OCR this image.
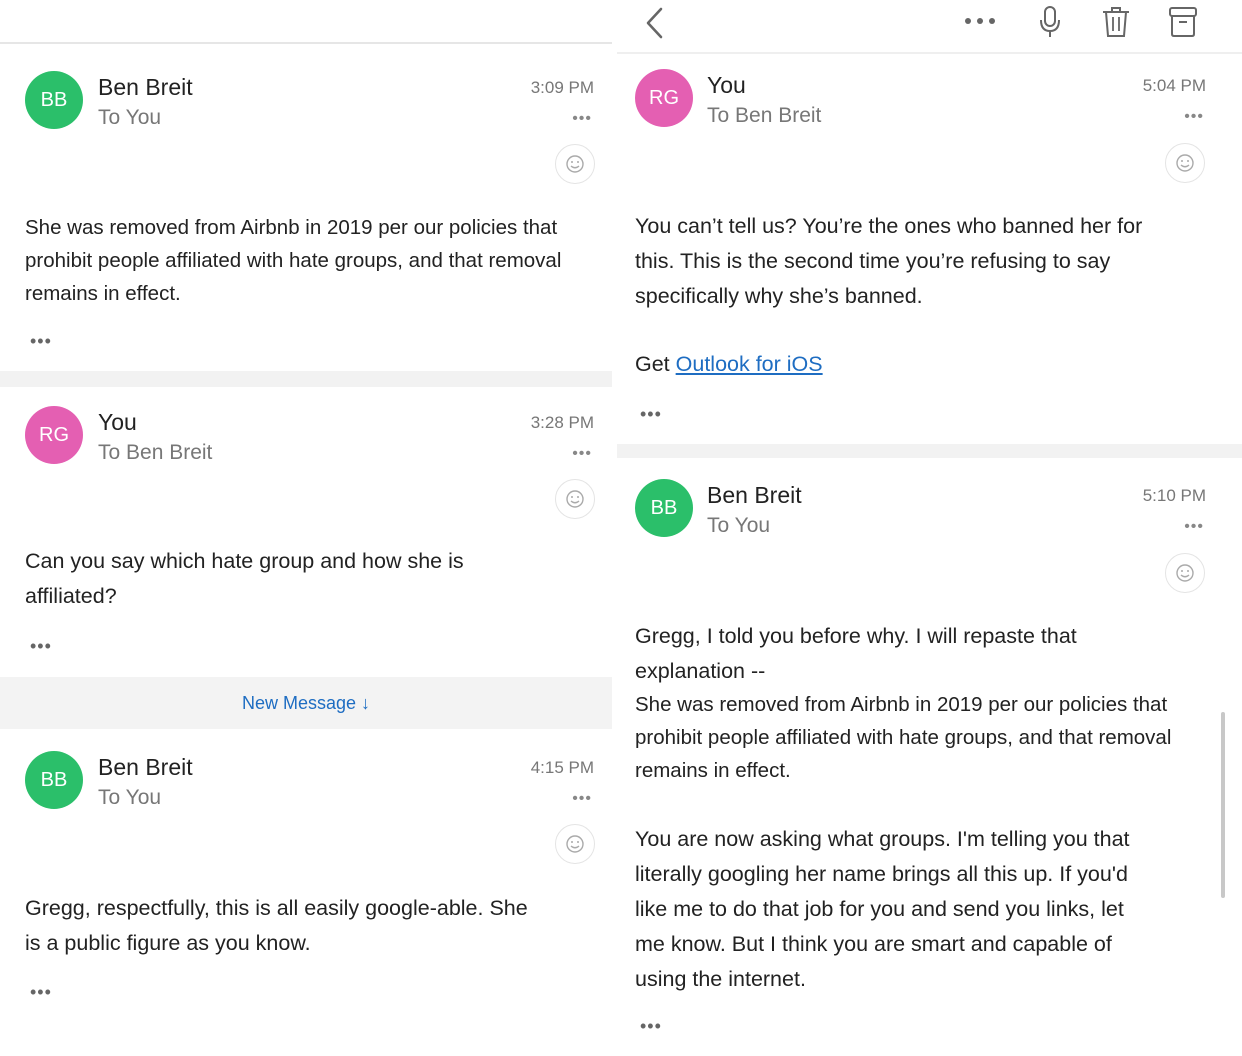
BB Ben Breit
To You
3:09 PM
•••

She was removed from Airbnb in 2019 per our policies that

prohibit people affiliated with hate groups, and that removal

remains in effect.

•••
RG You
To Ben Breit
3:28 PM
•••

Can you say which hate group and how she is

affiliated?

•••
New Message ↓
BB Ben Breit
To You
4:15 PM
•••

Gregg, respectfully, this is all easily google-able. She

is a public figure as you know.

•••
RG You
To Ben Breit
5:04 PM
•••

You can’t tell us? You’re the ones who banned her for

this. This is the second time you’re refusing to say

specifically why she’s banned.

Get Outlook for iOS

•••
BB Ben Breit
To You
5:10 PM
•••

Gregg, I told you before why. I will repaste that

explanation --

She was removed from Airbnb in 2019 per our policies that

prohibit people affiliated with hate groups, and that removal

remains in effect.

You are now asking what groups. I'm telling you that

literally googling her name brings all this up. If you'd

like me to do that job for you and send you links, let

me know. But I think you are smart and capable of

using the internet.

•••
